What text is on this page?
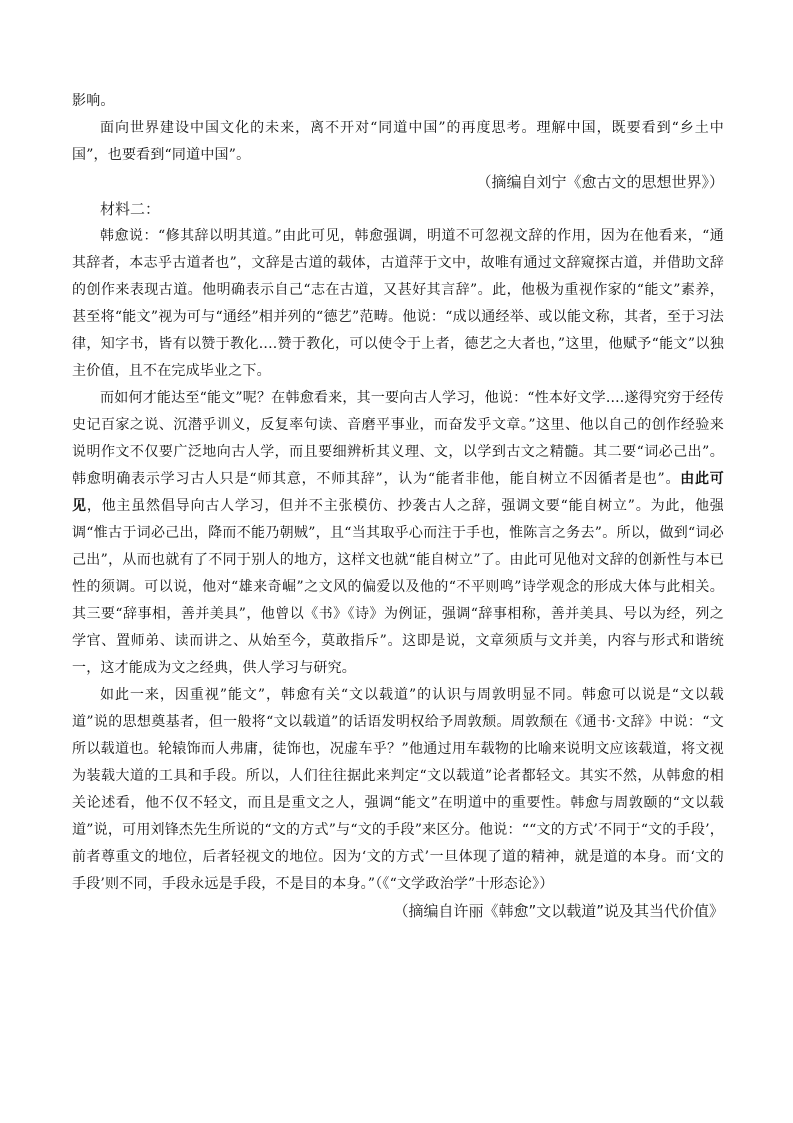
影响。

面向世界建设中国文化的未来，离不开对“同道中国”的再度思考。理解中国，既要看到“乡土中国”，也要看到“同道中国”。

（摘编自刘宁《愈古文的思想世界》）

材料二：

韩愈说：“修其辞以明其道。”由此可见，韩愈强调，明道不可忽视文辞的作用，因为在他看来，“通其辞者，本志乎古道者也”，文辞是古道的载体，古道萍于文中，故唯有通过文辞窥探古道，并借助文辞的创作来表现古道。他明确表示自己“志在古道，又甚好其言辞”。此，他极为重视作家的“能文”素养，甚至将“能文”视为可与“通经”相并列的“德艺”范畴。他说：“成以通经举、或以能文称，其者，至于习法律，知字书，皆有以赞于教化....赞于教化，可以使令于上者，德艺之大者也，”这里，他赋予“能文”以独主价值，且不在完成毕业之下。

而如何才能达至“能文”呢？在韩愈看来，其一要向古人学习，他说：“性本好文学....遂得究穷于经传史记百家之说、沉潜乎训义，反复率句读、音磨平事业，而奋发乎文章。”这里、他以自己的创作经验来说明作文不仅要广泛地向古人学，而且要细辨析其义理、文，以学到古文之精髓。其二要“词必己出”。韩愈明确表示学习古人只是“师其意，不师其辞”，认为“能者非他，能自树立不因循者是也”。由此可见，他主虽然倡导向古人学习，但并不主张模仿、抄袭古人之辞，强调文要“能自树立”。为此，他强调“惟古于词必己出，降而不能乃朝贼”，且“当其取乎心而注于手也，惟陈言之务去”。所以，做到“词必己出”，从而也就有了不同于别人的地方，这样文也就“能自树立”了。由此可见他对文辞的创新性与本已性的须调。可以说，他对“雄来奇崛”之文风的偏爱以及他的“不平则鸣”诗学观念的形成大体与此相关。其三要“辞事相，善并美具”，他曾以《书》《诗》为例证，强调“辞事相称，善并美具、号以为经，列之学官、置师弟、读而讲之、从始至今，莫敢指斥”。这即是说，文章须质与文并美，内容与形式和谐统一，这才能成为文之经典，供人学习与研究。

如此一来，因重视”能文”，韩愈有关“文以载道”的认识与周敦明显不同。韩愈可以说是“文以载道”说的思想奠基者，但一般将“文以载道”的话语发明权给予周敦颓。周敦颓在《通书·文辞》中说：“文所以载道也。轮辕饰而人弗庸，徒饰也，况虚车乎？”他通过用车载物的比喻来说明文应该载道，将文视为装载大道的工具和手段。所以，人们往往据此来判定“文以载道”论者都轻文。其实不然，从韩愈的相关论述看，他不仅不轻文，而且是重文之人，强调“能文”在明道中的重要性。韩愈与周敦颐的“文以载道”说，可用刘锋杰先生所说的“文的方式”与“文的手段”来区分。他说：““文的方式’不同于“文的手段’，前者尊重文的地位，后者轻视文的地位。因为‘文的方式’一旦体现了道的精神，就是道的本身。而‘文的手段’则不同，手段永远是手段，不是目的本身。”（《“文学政治学”十形态论》）

（摘编自许丽《韩愈”文以载道”说及其当代价值》
